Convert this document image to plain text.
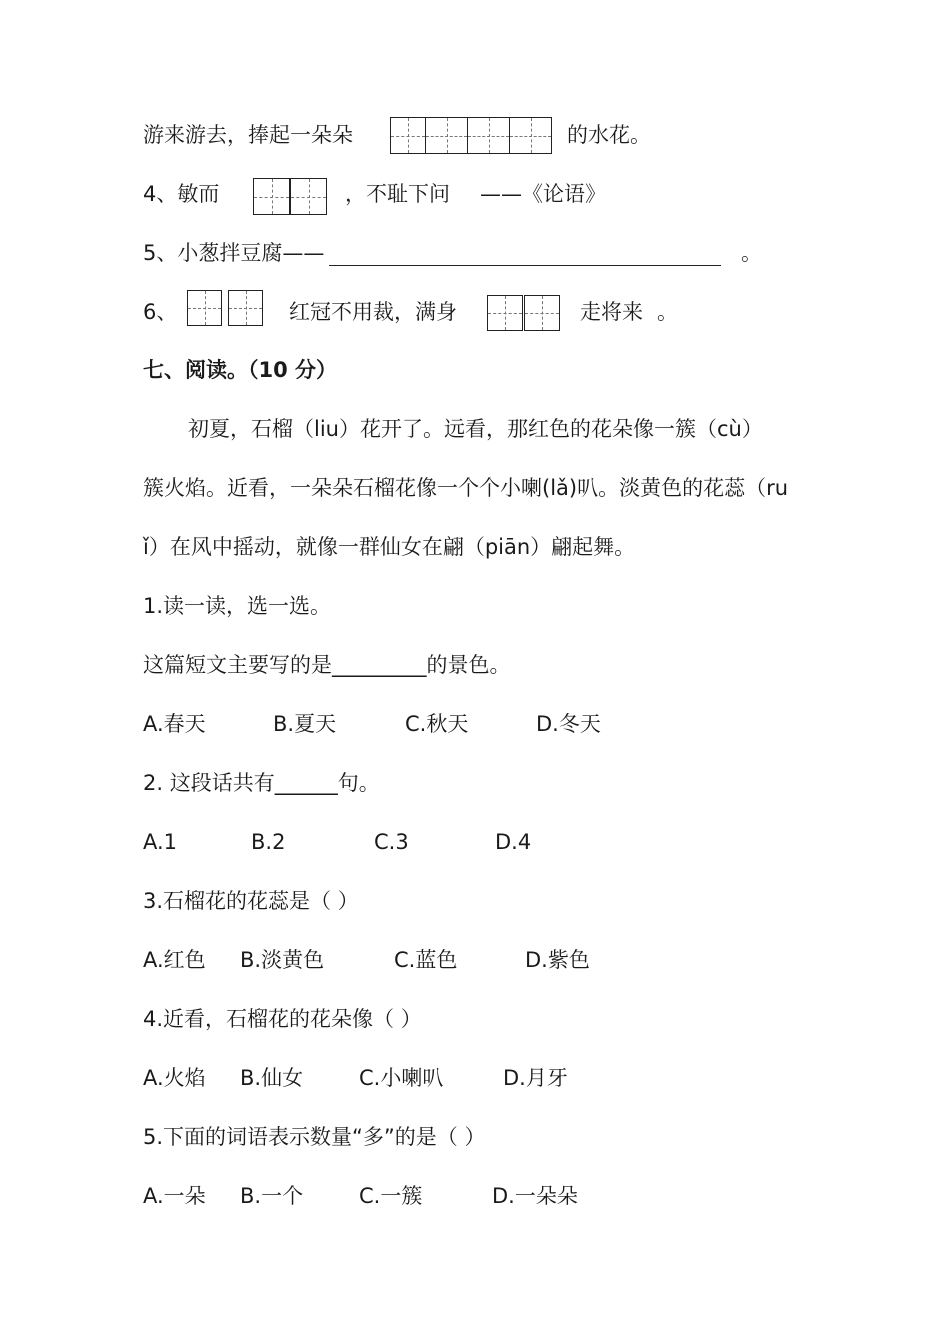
游来游去，捧起一朵朵	的水花。
4、敏而	，不耻下问 ——《论语》
5、小葱拌豆腐——	。
6、	红冠不用裁，满身	走将来 。
七、阅读。（10 分）
初夏，石榴（liu）花开了。远看，那红色的花朵像一簇（cù）
簇火焰。近看，一朵朵石榴花像一个个小喇(lǎ)叭。淡黄色的花蕊（ru
ǐ）在风中摇动，就像一群仙女在翩（piān）翩起舞。
1.读一读，选一选。
这篇短文主要写的是_________的景色。
A.春天	B.夏天	C.秋天	D.冬天
2. 这段话共有______句。
A.1	B.2	C.3	D.4
3.石榴花的花蕊是（ ）
A.红色 B.淡黄色	C.蓝色	D.紫色
4.近看，石榴花的花朵像（ ）
A.火焰 B.仙女	C.小喇叭	D.月牙
5.下面的词语表示数量“多”的是（ ）
A.一朵 B.一个	C.一簇	D.一朵朵
